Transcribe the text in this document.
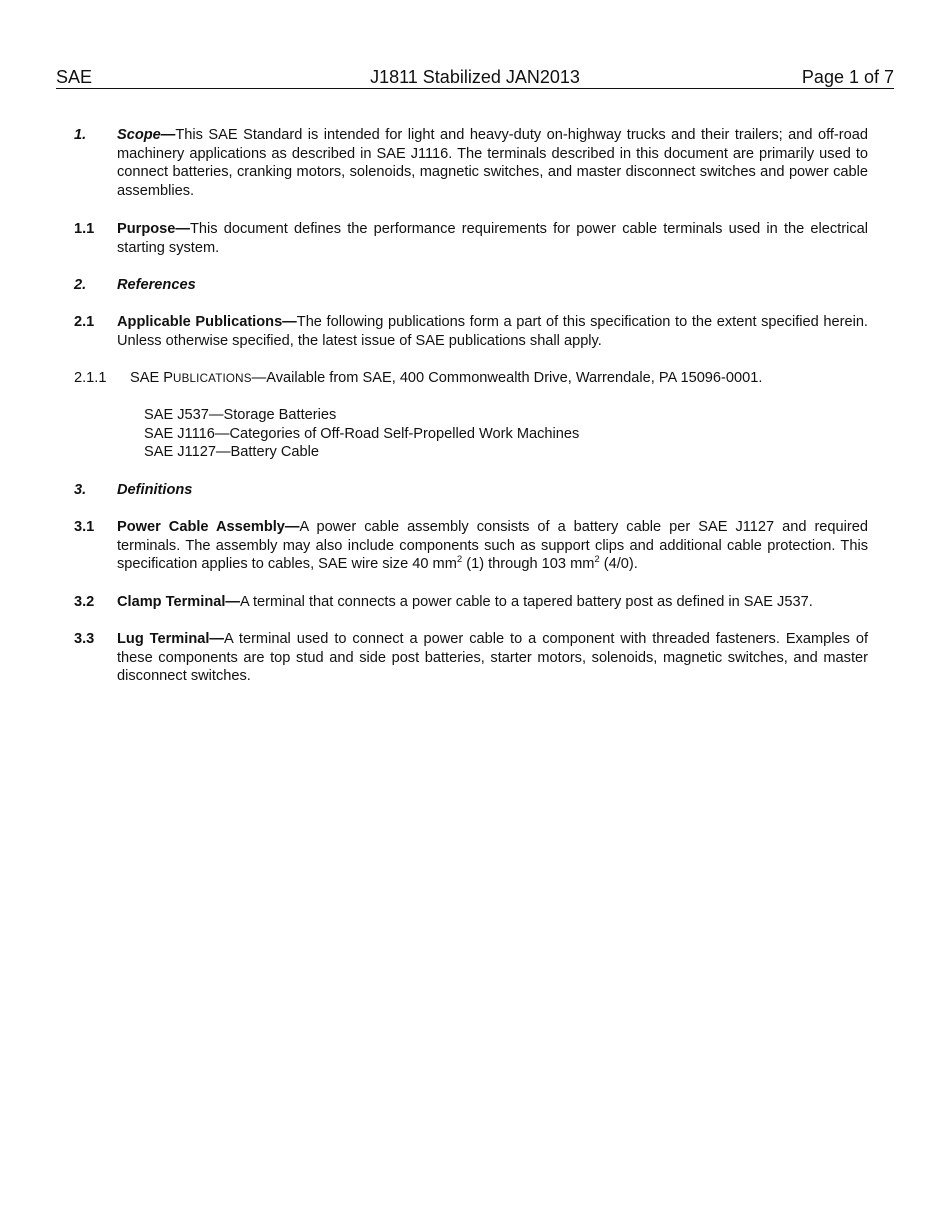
SAE	J1811 Stabilized JAN2013	Page 1 of 7
1. Scope—This SAE Standard is intended for light and heavy-duty on-highway trucks and their trailers; and off-road machinery applications as described in SAE J1116. The terminals described in this document are primarily used to connect batteries, cranking motors, solenoids, magnetic switches, and master disconnect switches and power cable assemblies.
1.1 Purpose—This document defines the performance requirements for power cable terminals used in the electrical starting system.
2. References
2.1 Applicable Publications—The following publications form a part of this specification to the extent specified herein. Unless otherwise specified, the latest issue of SAE publications shall apply.
2.1.1 SAE PUBLICATIONS—Available from SAE, 400 Commonwealth Drive, Warrendale, PA 15096-0001.
SAE J537—Storage Batteries
SAE J1116—Categories of Off-Road Self-Propelled Work Machines
SAE J1127—Battery Cable
3. Definitions
3.1 Power Cable Assembly—A power cable assembly consists of a battery cable per SAE J1127 and required terminals. The assembly may also include components such as support clips and additional cable protection. This specification applies to cables, SAE wire size 40 $mm^2$ (1) through 103 $mm^2$ (4/0).
3.2 Clamp Terminal—A terminal that connects a power cable to a tapered battery post as defined in SAE J537.
3.3 Lug Terminal—A terminal used to connect a power cable to a component with threaded fasteners. Examples of these components are top stud and side post batteries, starter motors, solenoids, magnetic switches, and master disconnect switches.
